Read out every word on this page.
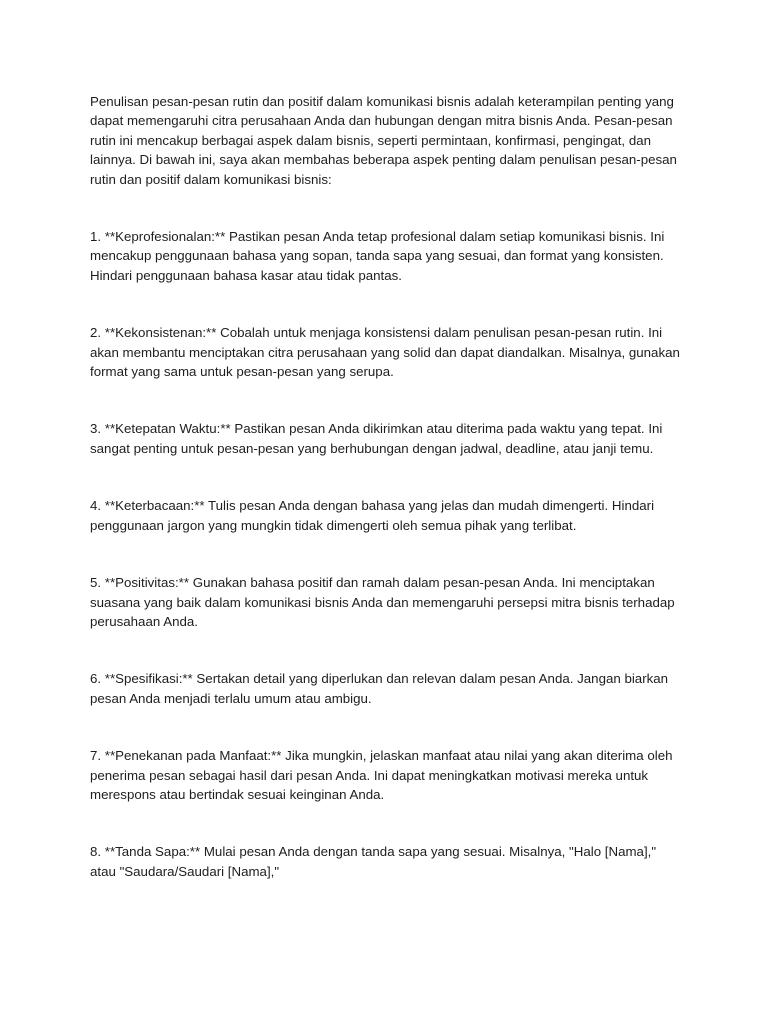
Penulisan pesan-pesan rutin dan positif dalam komunikasi bisnis adalah keterampilan penting yang dapat memengaruhi citra perusahaan Anda dan hubungan dengan mitra bisnis Anda. Pesan-pesan rutin ini mencakup berbagai aspek dalam bisnis, seperti permintaan, konfirmasi, pengingat, dan lainnya. Di bawah ini, saya akan membahas beberapa aspek penting dalam penulisan pesan-pesan rutin dan positif dalam komunikasi bisnis:

1. **Keprofesionalan:** Pastikan pesan Anda tetap profesional dalam setiap komunikasi bisnis. Ini mencakup penggunaan bahasa yang sopan, tanda sapa yang sesuai, dan format yang konsisten. Hindari penggunaan bahasa kasar atau tidak pantas.

2. **Kekonsistenan:** Cobalah untuk menjaga konsistensi dalam penulisan pesan-pesan rutin. Ini akan membantu menciptakan citra perusahaan yang solid dan dapat diandalkan. Misalnya, gunakan format yang sama untuk pesan-pesan yang serupa.

3. **Ketepatan Waktu:** Pastikan pesan Anda dikirimkan atau diterima pada waktu yang tepat. Ini sangat penting untuk pesan-pesan yang berhubungan dengan jadwal, deadline, atau janji temu.

4. **Keterbacaan:** Tulis pesan Anda dengan bahasa yang jelas dan mudah dimengerti. Hindari penggunaan jargon yang mungkin tidak dimengerti oleh semua pihak yang terlibat.

5. **Positivitas:** Gunakan bahasa positif dan ramah dalam pesan-pesan Anda. Ini menciptakan suasana yang baik dalam komunikasi bisnis Anda dan memengaruhi persepsi mitra bisnis terhadap perusahaan Anda.

6. **Spesifikasi:** Sertakan detail yang diperlukan dan relevan dalam pesan Anda. Jangan biarkan pesan Anda menjadi terlalu umum atau ambigu.

7. **Penekanan pada Manfaat:** Jika mungkin, jelaskan manfaat atau nilai yang akan diterima oleh penerima pesan sebagai hasil dari pesan Anda. Ini dapat meningkatkan motivasi mereka untuk merespons atau bertindak sesuai keinginan Anda.

8. **Tanda Sapa:** Mulai pesan Anda dengan tanda sapa yang sesuai. Misalnya, "Halo [Nama]," atau "Saudara/Saudari [Nama],"
